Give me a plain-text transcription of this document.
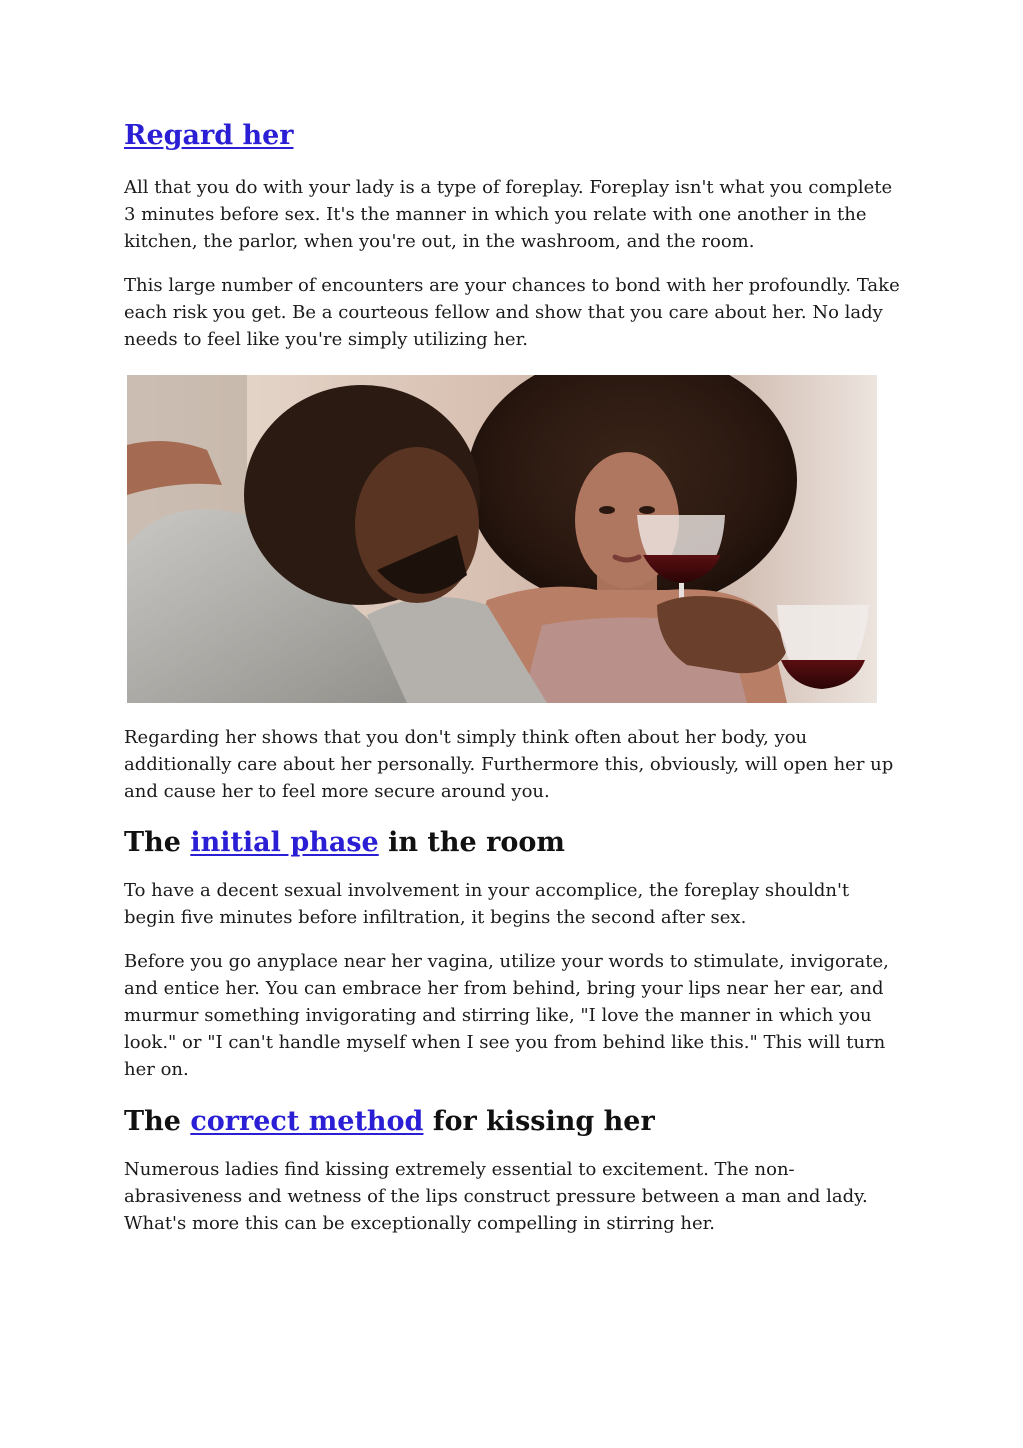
Regard her

All that you do with your lady is a type of foreplay. Foreplay isn't what you complete 3 minutes before sex. It's the manner in which you relate with one another in the kitchen, the parlor, when you're out, in the washroom, and the room.

This large number of encounters are your chances to bond with her profoundly. Take each risk you get. Be a courteous fellow and show that you care about her. No lady needs to feel like you're simply utilizing her.

Regarding her shows that you don't simply think often about her body, you additionally care about her personally. Furthermore this, obviously, will open her up and cause her to feel more secure around you.

The initial phase in the room

To have a decent sexual involvement in your accomplice, the foreplay shouldn't begin five minutes before infiltration, it begins the second after sex.

Before you go anyplace near her vagina, utilize your words to stimulate, invigorate, and entice her. You can embrace her from behind, bring your lips near her ear, and murmur something invigorating and stirring like, "I love the manner in which you look." or "I can't handle myself when I see you from behind like this." This will turn her on.

The correct method for kissing her

Numerous ladies find kissing extremely essential to excitement. The non-abrasiveness and wetness of the lips construct pressure between a man and lady. What's more this can be exceptionally compelling in stirring her.
